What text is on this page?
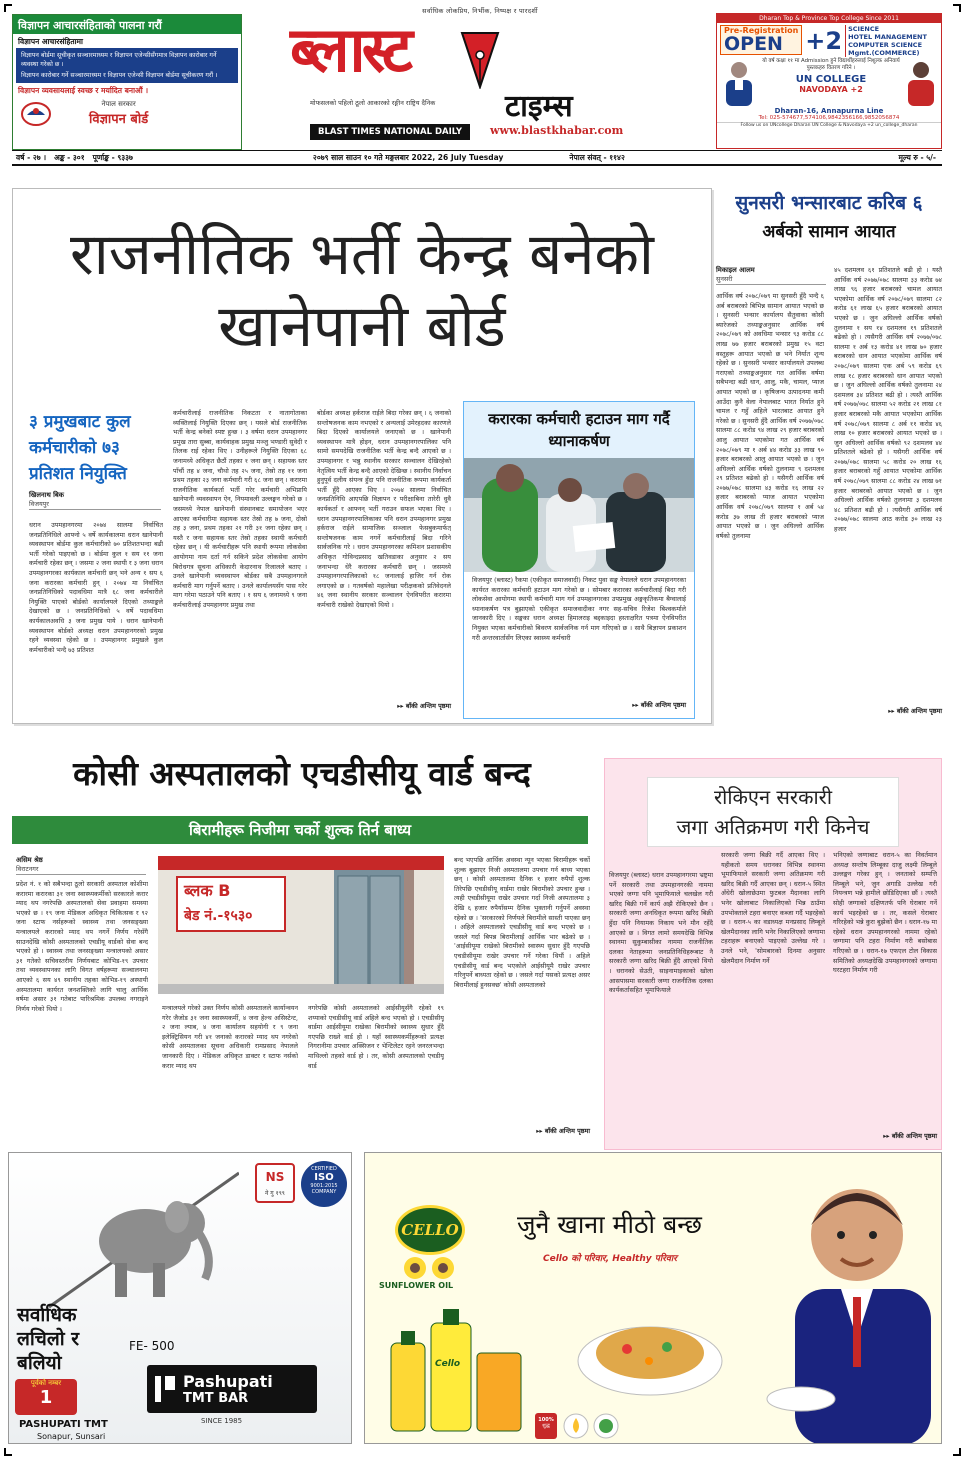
विज्ञापन आचारसंहिताको पालना गरौं
विज्ञापन आचारसंहितामा
विज्ञापन बोर्डमा सूचीकृत सञ्चारमाध्यम र विज्ञापन एजेन्सीसँगमात्र विज्ञापन कारोबार गर्ने व्यवस्था गरेको छ ।
विज्ञापन कारोबार गर्ने सञ्चारमाध्यम र विज्ञापन एजेन्सी विज्ञापन बोर्डमा सूचीकरण गरौं ।
विज्ञापन व्यवसायलाई स्वच्छ र मर्यादित बनाऔं ।
नेपाल सरकार
विज्ञापन बोर्ड
सर्वाधिक लोकप्रिय, निर्भीक, निष्पक्ष र पारदर्शी
ब्लास्ट
मोफसलको पहिलो ठूलो आकारको रङ्गीन राष्ट्रिय दैनिक टाइम्स
BLAST TIMES NATIONAL DAILY	www.blastkhabar.com
Dharan Top & Province Top College Since 2011
Pre-Registration
OPEN +2 SCIENCE
HOTEL MANAGEMENT
COMPUTER SCIENCE
Mgmt.(COMMERCE)
यो वर्ष कक्षा ११ मा Admission हुने विद्यार्थीहरुलाई निशुल्क अनिवार्य पुस्तकहरु वितरण गरिने ।
UN COLLEGE
NAVODAYA +2
Dharan-16, Annapurna Line
Tel: 025-574677,574106,9842356166,9852056874
Follow us on UNcollege Dharan UN College & Navodaya +2 un_college_dharan
वर्ष - २७ । अङ्क - ३०१ पूर्णाङ्क - ९३३७	२०७९ साल साउन १० गते मङ्गलबार 2022, 26 July Tuesday	नेपाल संवत् - ११४२	मूल्य रु - ५/-
राजनीतिक भर्ती केन्द्र बनेको
खानेपानी बोर्ड
३ प्रमुखबाट कुल कर्मचारीको ७३ प्रतिशत नियुक्ति
खिलनाथ बिक
विजयपुर
धरान उपमहानगरमा २०७४ सालमा निर्वाचित जनप्रतिनिधिले आफ्नो ५ वर्षे कार्यकालमा धरान खानेपानी व्यवस्थापन बोर्डमा कुल कर्मचारीको ७० प्रतिशतभन्दा बढी भर्ती गरेको पाइएको छ । बोर्डमा कुल १ सय ११ जना कर्मचारी रहेका छन् । जसमा २ जना स्थायी र ३ जना धरान उपमहानगरका कार्यकाल कर्मचारी छन् भने अन्य १ सय ६ जना करारका कर्मचारी हुन् । २०७४ मा निर्वाचित जनप्रतिनिधिको पदावधिमा मात्रै ६८ जना कर्मचारीले नियुक्ति पाएको बोर्डको कार्यालयले दिएको तथ्याङ्कले देखाएको छ । जनप्रतिनिधिको ५ वर्षे पदावधिमा कार्यकालअवधि ३ जना प्रमुख पाये । धरान खानेपानी व्यवस्थापन बोर्डको अध्यक्ष धरान उपमहानगरको प्रमुख रहने व्यवस्था रहेको छ । उपमहानगर प्रमुखले कुल कर्मचारीको भन्दै ७३ प्रतिशत
कर्मचारीलाई राजनीतिक निकटता र नातागोताका व्यक्तिलाई नियुक्ति दिएका छन् । यसले बोर्ड राजनीतिक भर्ती केन्द्र बनेको स्पष्ट हुन्छ । ३ वर्षमा धरान उपमहानगर प्रमुख तारा सुब्बा, कार्यवाहक प्रमुख मञ्जु भण्डारी सुवेदी र तिलक राई रहेका थिए । उनीहरूले नियुक्ति दिएका ६८ जनामध्ये अधिकृत छैठौं तहका १ जना छन् । सहायक स्तर पाँचौं तह ४ जना, चौथो तह २५ जना, तेस्रो तह ११ जना प्रथम तहका २३ जना कर्मचारी गरी ६८ जना छन् । करारमा राजनीतिक कार्यकर्ता भर्ती गरेर कर्मचारी अभिप्रायि खानेपानी व्यवस्थापन ऐन, नियमावली उल्लङ्घन गरेको छ । जसमध्ये नेपाल खानेपानी संस्थानबाट समायोजन भएर आएका कर्मचारीमा सहायक स्तर तेस्रो तह ७ जना, दोस्रो तह ३ जना, प्रथम तहका २१ गरी ३१ जना रहेका छन् । यस्तै र जना सहायक स्तर तेस्रो तहका स्थायी कर्मचारी रहेका छन् । यी कर्मचारीहरू पनि स्थायी रूपमा लोकसेवा आयोगमा नाम दर्ता गर्न सकिने प्रदेश लोकसेवा आयोग बिरोधगत्र सूचना अधिकारी केदारनाथ रिजालले बताए । उनले खानेपानी व्यवस्थापन बोर्डका सबै उपमहानगरले कर्मचारी माग गर्नुपर्ने बताए । उनले कार्यालयसँग पास गरेर माग गरेमा पठाउने पनि बताए । १ सय ६ जनामध्ये ९ जना कर्मचारीलाई उपमहानगर प्रमुख तथा
बोर्डका अध्यक्ष हर्कराज राईले बिदा गरेका छन् । ६ जनाको सन्तोषजनक काम नभएको र अन्यलाई उमेरहदका कारणले बिदा दिएको कार्यालयले जनाएको छ । खानेपानी व्यवस्थापन मात्रै होइन, धरान उपमहानगरपालिका पनि सामो समयदेखि राजनीतिक भर्ती केन्द्र बन्दै आएको छ । उपमहानगर र भन्नु स्थानीय सरकार सञ्चालन देखिरहेको नेतृत्विय भर्ती केन्द्र बन्दै आएको देखिन्छ । स्थानीय निर्वाचन हुनुपूर्व दलीय संयन्त्र हुँदा पनि राजनीतिक रूपमा कार्यकर्ता भर्ती हुँदै आएका थिए । २०७४ सालमा निर्वाचित जनप्रतिनिधि आएपछि विज्ञापन र परीक्षाबिना तारेरी धुवै कार्यकर्ता र आफ्नन् भर्ती गराउन सफल भएका थिए । धरान उपमहानगरपालिकाका पनि धरान उपमहानगर प्रमुख हर्कराज राईले सामाजिक सञ्जाल फेसबुकमार्फत् सन्तोषजनक काम नगर्ने कर्मचारीलाई बिदा गरिने सार्वजनिक गरे । धरान उपमहानगरका कमिशन प्रशासकीय अधिकृत गोविन्दप्रसाद खतिवडाका अनुसार २ सय जनाभन्दा धेरै करारका कर्मचारी छन् । जसमध्ये उपमहानगरपालिकाको १८ जनालाई हाजिर गर्न रोक लगाएको छ । गतवर्षको महालेखा परीक्षकको प्रतिवेदनले ४६ जना स्थानीय सरकार सञ्चालन ऐनविपरीत करारमा कर्मचारी राखेको देखाएको थियो ।
▸▸ बाँकी अन्तिम पृष्ठमा
करारका कर्मचारी हटाउन माग गर्दै ध्यानाकर्षण
विजयपुर (ब्लास्ट) रैकपा (एकीकृत समाजवादी) निकट युवा सङ्घ नेपालले धरान उपमहानगरका कार्यरत करारका कर्मचारी हटाउन माग गरेको छ । सोमबार करारका कर्मचारीलाई बिदा गरी लोकसेवा आयोगमा स्थायी कर्मचारी माग गर्न उपमहानगरका उपप्रमुख अङ्गकृतिकमा बैग्वालाई ध्यानाकर्षण पत्र बुझाएको एकीकृत समाजवादीका नगर सह-सचिव रिजेश बिश्वकर्माले जानकारी दिए । सङ्घका धरान अध्यक्ष हिमालराइ बद्दकाइदा हस्ताक्षरित पत्रमा ऐनविपरीत नियुक्त भएका कर्मचारीको बिवरण सार्वजनिक गर्न माग गरिएको छ । साथै बिज्ञापन प्रकाशन गरी अन्तरवार्तासँग लिएका स्वास्थ्य कर्मचारी
▸▸ बाँकी अन्तिम पृष्ठमा
सुनसरी भन्सारबाट करिब ६
अर्बको सामान आयात
मिकाइल आलम
सुनसरी
आर्थिक वर्ष २०७८/०७९ मा सुनसरी हुँदै भन्दै ६ अर्ब बराबरको बिभिन्न सामान आयात भएको छ । सुनसरी भन्सार कार्यालय सैतुवाका कोसी ब्यारेजको तथ्याङ्कअनुसार आर्थिक वर्ष २०७८/०७९ को अवधिमा भन्सार ९३ करोड ८८ लाख ७७ हजार बराबरको प्रमुख १५ वटा वस्तुहरू आयात भएको छ भने निर्यात शून्य रहेको छ । सुनसरी भन्सार कार्यालयले उपलब्ध गराएको तथ्याङ्कअनुसार गत आर्थिक वर्षमा सबैभन्दा बढी धान, आलु, मकै, चामल, प्याज आयात भएको छ । कृषिजन्य उत्पादनमा कमी आउँदा कुनै वेला नेपालबाट भारत निर्यात हुने चामल र गहुँ अहिले भारतबाट आयात हुने गरेको छ । सुनसरी हुँदै आर्थिक वर्ष २०७७/०७८ सालमा ८८ करोड ९४ लाख २९ हजार बराबरको आलु आयात भएकोमा गत आर्थिक वर्ष २०७८/०७९ मा १ अर्ब ४४ करोड ३३ लाख ९० हजार बराबरको आलु आयात भएको छ । जुन अघिल्लो आर्थिक वर्षको तुलनामा ९ दशमलव २९ प्रतिशत बढेको हो । यसैगरी आर्थिक वर्ष २०७७/०७८ सालमा ४३ करोड १६ लाख २२ हजार बराबरको प्याज आयात भएकोमा आर्थिक वर्ष २०७८/०७९ सालमा १ अर्ब ५४ करोड ३७ लाख ती हजार बराबरको प्याज आयात भएको छ । जुन अघिल्लो आर्थिक वर्षको तुलनामा
४५ दशमलव ६१ प्रतिशतले बढी हो । यस्तै आर्थिक वर्ष २०७७/०७८ सालमा ३३ करोड ७४ लाख ९६ हजार बराबरको चामल आयात भएकोमा आर्थिक वर्ष २०७८/०७९ सालमा ८२ करोड ६१ लाख ६५ हजार बराबरको आयात भएको छ । जुन अघिल्लो आर्थिक वर्षको तुलनामा १ सय १४ दशमलव १९ प्रतिशतले बढेको हो । त्यसैगरी आर्थिक वर्ष २०७७/०७८ सालमा १ अर्ब १३ करोड ४१ लाख ७० हजार बराबरको धान आयात भएकोमा आर्थिक वर्ष २०७८/०७९ सालमा एक अर्ब ५९ करोड ६९ लाख १८ हजार बराबरको धान आयात भएको छ । जुन अघिल्लो आर्थिक वर्षको तुलनामा २४ दशमलव ३४ प्रतिशत बढी हो । त्यस्तै आर्थिक वर्ष २०७७/०७८ सालमा ५२ करोड २१ लाख ८१ हजार बराबरको मकै आयात भएकोमा आर्थिक वर्ष २०७८/०७९ सालमा ८ अर्ब ११ करोड ४६ लाख १० हजार बराबरको आयात भएको छ । जुन अघिल्लो आर्थिक वर्षको ९२ दशमलव ४४ प्रतिशतले बढेको हो । यसैगरी आर्थिक वर्ष २०७७/०७८ सालमा ५८ करोड २० लाख १६ हजार बराबरको गहुँ आयात भएकोमा आर्थिक वर्ष २०७८/०७९ सालमा ८८ करोड २४ लाख ७१ हजार बराबरको आयात भएको छ । जुन अघिल्लो आर्थिक वर्षको तुलनामा ३ दशमलव ४८ प्रतिशत बढी हो । त्यसैगरी आर्थिक वर्ष २०७७/०७८ सालमा आठ करोड ३० लाख २३ हजार
▸▸ बाँकी अन्तिम पृष्ठमा
कोसी अस्पतालको एचडीसीयू वार्ड बन्द
बिरामीहरू निजीमा चर्को शुल्क तिर्न बाध्य
असिम श्रेष्ठ
विराटनगर
प्रदेश नं. १ को सबैभन्दा ठूलो सरकारी अस्पताल कोशीमा करारमा करारका ३१ जना स्वास्थ्यकर्मीको सरकारले करार म्याद थप नगरेपछि अस्पतालको सेवा प्रवाहमा समस्या भएको छ । १९ जना मेडिकल अधिकृत चिकित्सक र ९२ जना स्टाफ नर्सहरूको स्वास्थ्य तथा जनसङ्ख्या मन्त्रालयले करारको म्याद थप नगर्ने निर्णय गरेसँगै साउनदेखि कोसी अस्पतालको एचडीयू वार्डको सेवा बन्द भएको हो । स्वास्थ्य तथा जनसङ्ख्या मन्त्रालयको असार ३१ गतेको सचिवस्तरीय निर्णयबाट कोभिड-१९ उपचार तथा व्यवस्थापनका लागि विगत वर्षहरूमा सञ्चालनमा आएको ६ सय ४९ स्थानीय तहका कोभिड-१९ अस्थायी अस्पतालमा कार्यरत जनशक्तिको लागि चालु आर्थिक वर्षमा असार ३१ गतेबाट पारिश्रमिक उपलब्ध नगराइने निर्णय गरेको थियो ।
ब्लक B
बेड नं.-१५३०
मन्त्रालयले गरेको उक्त निर्णय कोसी अस्पतालले कार्यान्वयन गरेर जैजोड ३१ जना स्वास्थ्यकर्मी, ४ जना हेल्थ असिस्टेन्ट, २ जना ल्याब, ४ जना कार्यालय सहयोगी र ९ जना इलेक्ट्रिसियन गरी ४१ जनाको करारको म्याद थप नगरेको कोसी अस्पतालका सूचना अधिकारी रामप्रसाद नेपालले जानकारी दिए । मेडिकल अधिकृत डाक्टर र स्टाफ नर्सको करार म्याद थप
नगरेपछि कोसी अस्पतालको आईसीयूसँगै रहेको १९ शय्याको एचडीसीयू वार्ड अहिले बन्द भएको हो । एचडीसीयू वार्डमा आईसीयूमा राखेका बिरामीको स्वास्थ्य सुधार हुँदै गएपछि राख्ने वार्ड हो । यहाँ स्वास्थ्यकर्मीहरूको प्रत्यक्ष निगरानीमा उपचार अक्सिजन र भेन्टिलेटर रहने जनरलभन्दा माथिल्लो तहको वार्ड हो । तर, कोसी अस्पतालको एचडीयू वार्ड
बन्द भएपछि आर्थिक अवस्था न्यून भएका बिरामीहरू चर्को शुल्क बुझाएर निजी अस्पतालमा उपचार गर्न बाध्य भएका छन् । कोसी अस्पतालमा दैनिक १ हजार रुपैयाँ शुल्क तिरेपछि एचडीसीयू वार्डमा राखेर बिरामीको उपचार हुन्छ । त्यही एचडीसीयूमा राखेर उपचार गर्दा निजी अस्पतालमा ३ देखि ६ हजार रुपैयाँसम्म दैनिक भुक्तानी गर्नुपर्ने अवस्था रहेको छ । 'सरकारको निर्णयले बिरामीले सास्ती पाएका छन् । अहिले अस्पतालको एचडीसीयू वार्ड बन्द भएको छ । जसले गर्दा बिपन्न बिरामीलाई आर्थिक भार बढेको छ । 'आईसीयूमा राखेको बिरामीको स्वास्थ्य सुधार हुँदै गएपछि एचडीसीयूमा राखेर उपचार गर्ने गरेका थियौं । अहिले एचडीसीयू वार्ड बन्द भएकोले आईसीयूमै राखेर उपचार गरिनुपर्ने बाध्यता रहेको छ । जसले गर्दा यसको प्रत्यक्ष असर बिरामीलाई हुनसक्छ' कोसी अस्पतालको
▸▸ बाँकी अन्तिम पृष्ठमा
रोकिएन सरकारी
जगा अतिक्रमण गरी किनेच
विजयपुर (ब्लास्ट) धरान उपमहानगरमा भ्रष्ट्रमा पर्ने सरकारी तथा उपमहानगरकी नाममा भएको जग्गा पनि भूमाफियाले चलखेल गरी खरिद बिक्री गर्ने कार्य अझै रोकिएको छैन । सरकारी जग्गा अनधिकृत रूपमा खरिद बिक्री हुँदा पनि नियामक निकाय भने मौन रहँदै आएको छ । विगत लामो समयदेखि विभिन्न स्थानमा सुकुम्बासीका नाममा राजनीतिक दलका नेताहरूमा जनप्रतिनिधिहरूबाट नै सरकारी जग्गा खरिद बिक्री हुँदै आएको थियो । धरानको सेउती, साइनामाइकाको खोला आसपासमा सरकारी जग्गा राजनीतिक दलका कार्यकर्तासहित भूमाफियाले
सरकारी जग्गा बिक्री गर्दै आएका थिए । यहीकतो समय धरानका विभिन्न स्थानमा भूमाफियाले सरकारी जग्गा अतिक्रमण गरी खरिद बिक्री गर्दै आएका छन् । धरान-५ स्थित अँधेरी खोलाछेउमा फुटबल मैदानका लागि भनेर खोलाबाट निकालिएको भिन्न ठाउँमा उपभोक्ताले टहरा बनाएर कब्जा गर्दै भइरहेको छ । धरान-५ का वडाध्यक्ष मनप्रसाद लिम्बूले खेलमैदानका लागि भनेर निकालिएको जग्गामा टहराहरू बनाएको पाइएको उल्लेख गरे । उनले भने, 'सोमबारको दिनमा अनुसार खेलमैदान निर्माण गर्ने
भनिएको जग्गाबाट धरान-५ का निवर्तमान अध्यक्ष सन्तोष लिम्बूका दाजु लक्ष्मी लिम्बूले उल्लङ्घन गरेका हुन् । जनताको सम्पत्ति लिम्बूले भने, जुन अगाडि उल्लेख गरी नियन्त्रण भन्ने हामीले छोडिदिएका छौं । त्यस्तै सोही जग्गाको दक्षिणतर्फ पनि घेराबार गर्ने कार्य भइरहेको छ । तर, कसले घेराबार गरिरहेको भन्ने कुरा बुझेको छैन । धरान-१७ मा रहेको धरान उपमहानगरको नाममा रहेको जग्गामा पनि टहरा निर्माण गरी बसोबास गरिएको छ । धरान-१७ एफएल टोल विकास समितिको अध्यक्षदेखि उपमहानगरको जग्गामा घरटहरा निर्माण गरी
▸▸ बाँकी अन्तिम पृष्ठमा
सर्वाधिक लचिलो र बलियो
FE- 500
पूर्वको नम्बर
1
NS
ने गु १९९
CERTIFIED
ISO
9001:2015
COMPANY
Pashupati
TMT BAR
SINCE 1985
PASHUPATI TMT
Sonapur, Sunsari
CELLO
SUNFLOWER OIL
जुनै खाना मीठो बन्छ
Cello को परिवार, Healthy परिवार
Cello
100%
शुद्ध
